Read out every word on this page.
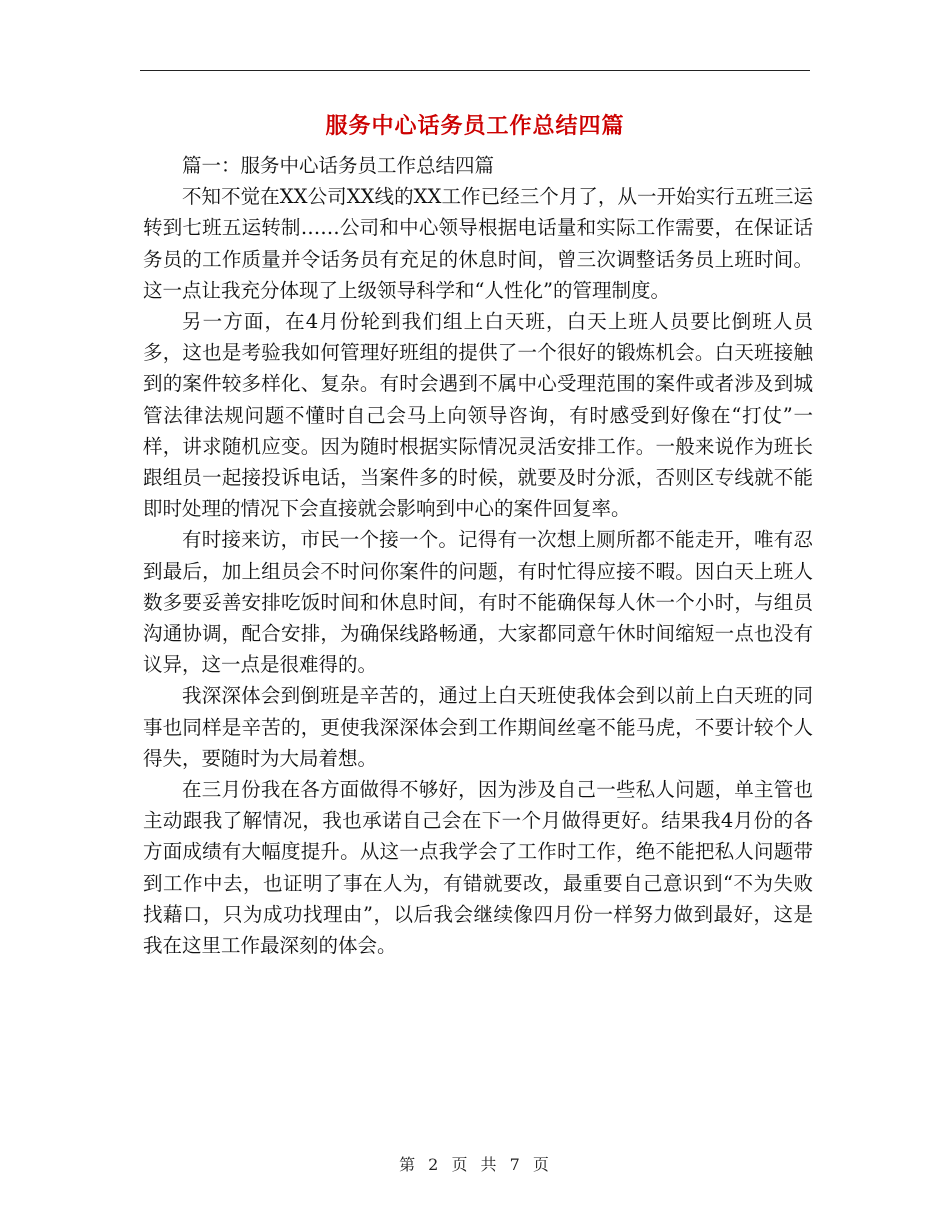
服务中心话务员工作总结四篇

篇一：服务中心话务员工作总结四篇

不知不觉在XX公司XX线的XX工作已经三个月了，从一开始实行五班三运转到七班五运转制……公司和中心领导根据电话量和实际工作需要，在保证话务员的工作质量并令话务员有充足的休息时间，曾三次调整话务员上班时间。这一点让我充分体现了上级领导科学和“人性化”的管理制度。

另一方面，在4月份轮到我们组上白天班，白天上班人员要比倒班人员多，这也是考验我如何管理好班组的提供了一个很好的锻炼机会。白天班接触到的案件较多样化、复杂。有时会遇到不属中心受理范围的案件或者涉及到城管法律法规问题不懂时自己会马上向领导咨询，有时感受到好像在“打仗”一样，讲求随机应变。因为随时根据实际情况灵活安排工作。一般来说作为班长跟组员一起接投诉电话，当案件多的时候，就要及时分派，否则区专线就不能即时处理的情况下会直接就会影响到中心的案件回复率。

有时接来访，市民一个接一个。记得有一次想上厕所都不能走开，唯有忍到最后，加上组员会不时问你案件的问题，有时忙得应接不暇。因白天上班人数多要妥善安排吃饭时间和休息时间，有时不能确保每人休一个小时，与组员沟通协调，配合安排，为确保线路畅通，大家都同意午休时间缩短一点也没有议异，这一点是很难得的。

我深深体会到倒班是辛苦的，通过上白天班使我体会到以前上白天班的同事也同样是辛苦的，更使我深深体会到工作期间丝毫不能马虎，不要计较个人得失，要随时为大局着想。

在三月份我在各方面做得不够好，因为涉及自己一些私人问题，单主管也主动跟我了解情况，我也承诺自己会在下一个月做得更好。结果我4月份的各方面成绩有大幅度提升。从这一点我学会了工作时工作，绝不能把私人问题带到工作中去，也证明了事在人为，有错就要改，最重要自己意识到“不为失败找藉口，只为成功找理由”，以后我会继续像四月份一样努力做到最好，这是我在这里工作最深刻的体会。

第 2 页 共 7 页
